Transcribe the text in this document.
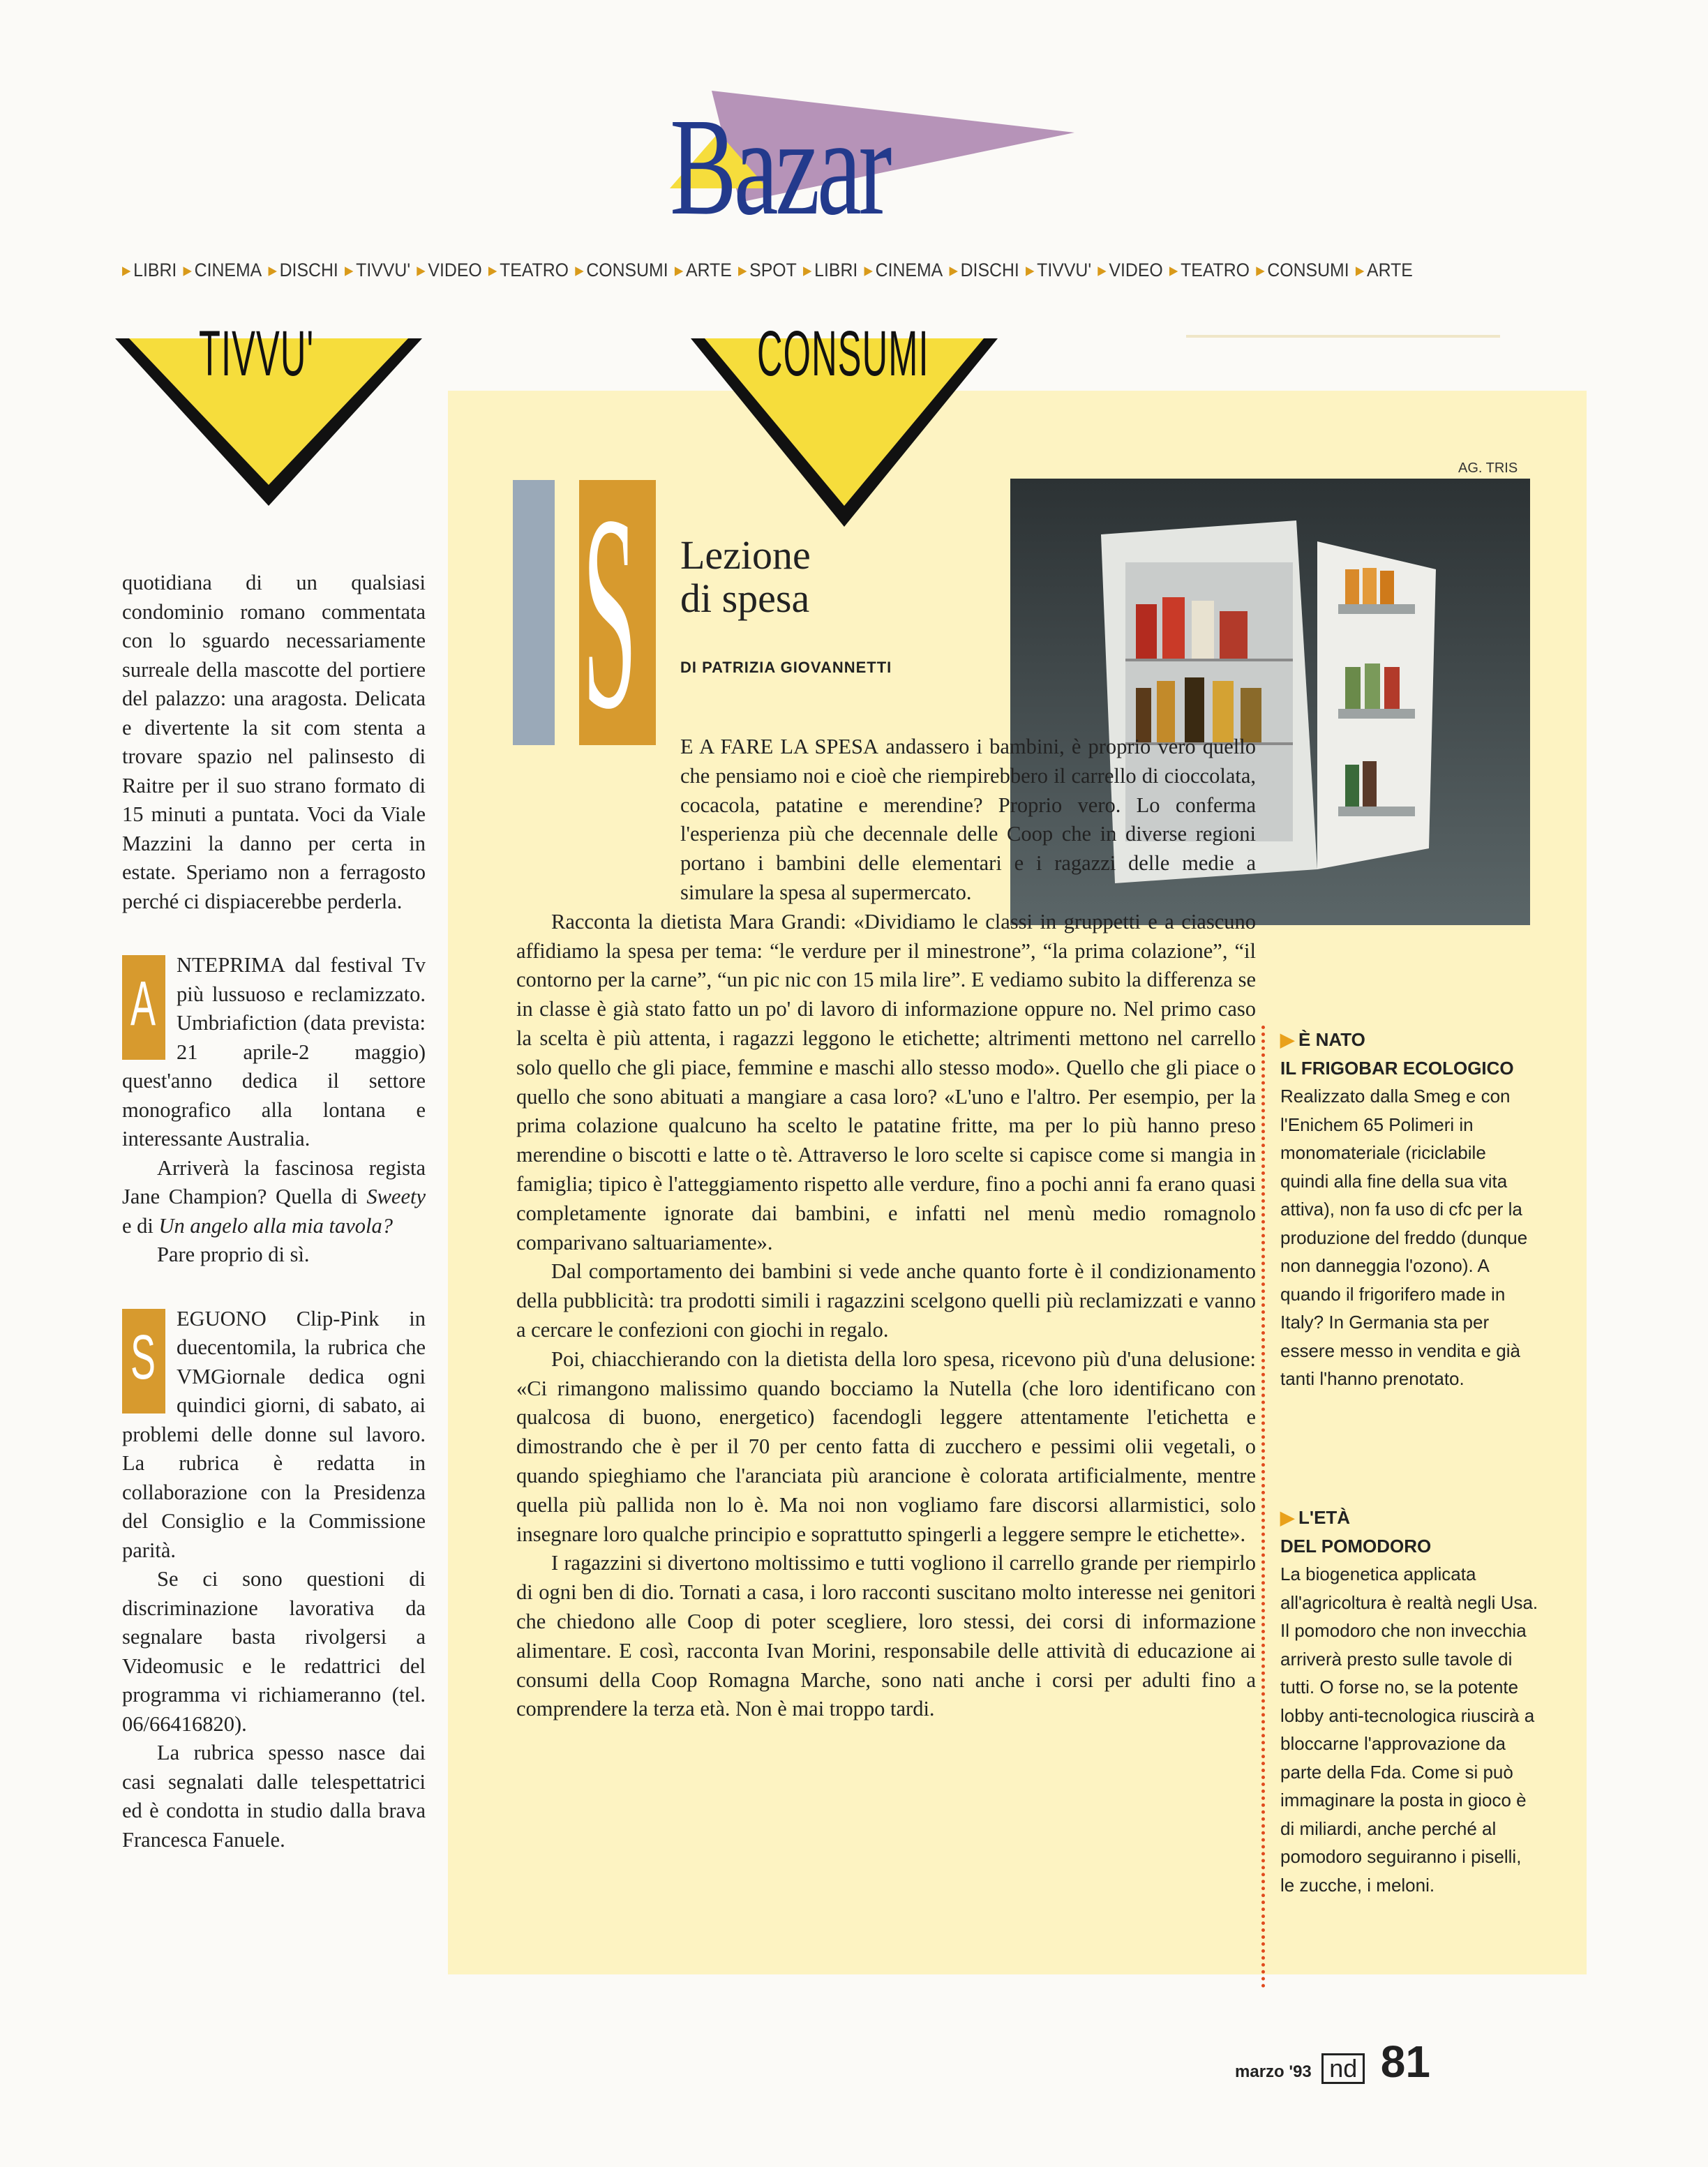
Bazar
▸ LIBRI ▸ CINEMA ▸ DISCHI ▸ TIVVU' ▸ VIDEO ▸ TEATRO ▸ CONSUMI ▸ ARTE ▸ SPOT ▸ LIBRI ▸ CINEMA ▸ DISCHI ▸ TIVVU' ▸ VIDEO ▸ TEATRO ▸ CONSUMI ▸ ARTE
TIVVU'	CONSUMI

quotidiana di un qualsiasi condominio romano commentata con lo sguardo necessariamente surreale della mascotte del portiere del palazzo: una aragosta. Delicata e divertente la sit com stenta a trovare spazio nel palinsesto di Raitre per il suo strano formato di 15 minuti a puntata. Voci da Viale Mazzini la danno per certa in estate. Speriamo non a ferragosto perché ci dispiacerebbe perderla.

A
NTEPRIMA dal festival Tv più lussuoso e reclamizzato. Umbriafiction (data prevista: 21 aprile-2 maggio) quest'anno dedica il settore monografico alla lontana e interessante Australia.

Arriverà la fascinosa regista Jane Champion? Quella di Sweety e di Un angelo alla mia tavola?

Pare proprio di sì.

S
EGUONO Clip-Pink in duecentomila, la rubrica che VMGiornale dedica ogni quindici giorni, di sabato, ai problemi delle donne sul lavoro. La rubrica è redatta in collaborazione con la Presidenza del Consiglio e la Commissione parità.

Se ci sono questioni di discriminazione lavorativa da segnalare basta rivolgersi a Videomusic e le redattrici del programma vi richiameranno (tel. 06/66416820).

La rubrica spesso nasce dai casi segnalati dalle telespettatrici ed è condotta in studio dalla brava Francesca Fanuele.

S Lezione
di spesa
DI PATRIZIA GIOVANNETTI
AG. TRIS

E A FARE LA SPESA andassero i bambini, è proprio vero quello che pensiamo noi e cioè che riempirebbero il carrello di cioccolata, cocacola, patatine e merendine? Proprio vero. Lo conferma l'esperienza più che decennale delle Coop che in diverse regioni portano i bambini delle elementari e i ragazzi delle medie a simulare la spesa al supermercato.

Racconta la dietista Mara Grandi: «Dividiamo le classi in gruppetti e a ciascuno affidiamo la spesa per tema: “le verdure per il minestrone”, “la prima colazione”, “il contorno per la carne”, “un pic nic con 15 mila lire”. E vediamo subito la differenza se in classe è già stato fatto un po' di lavoro di informazione oppure no. Nel primo caso la scelta è più attenta, i ragazzi leggono le etichette; altrimenti mettono nel carrello solo quello che gli piace, femmine e maschi allo stesso modo». Quello che gli piace o quello che sono abituati a mangiare a casa loro? «L'uno e l'altro. Per esempio, per la prima colazione qualcuno ha scelto le patatine fritte, ma per lo più hanno preso merendine o biscotti e latte o tè. Attraverso le loro scelte si capisce come si mangia in famiglia; tipico è l'atteggiamento rispetto alle verdure, fino a pochi anni fa erano quasi completamente ignorate dai bambini, e infatti nel menù medio romagnolo comparivano saltuariamente».

Dal comportamento dei bambini si vede anche quanto forte è il condizionamento della pubblicità: tra prodotti simili i ragazzini scelgono quelli più reclamizzati e vanno a cercare le confezioni con giochi in regalo.

Poi, chiacchierando con la dietista della loro spesa, ricevono più d'una delusione: «Ci rimangono malissimo quando bocciamo la Nutella (che loro identificano con qualcosa di buono, energetico) facendogli leggere attentamente l'etichetta e dimostrando che è per il 70 per cento fatta di zucchero e pessimi olii vegetali, o quando spieghiamo che l'aranciata più arancione è colorata artificialmente, mentre quella più pallida non lo è. Ma noi non vogliamo fare discorsi allarmistici, solo insegnare loro qualche principio e soprattutto spingerli a leggere sempre le etichette».

I ragazzini si divertono moltissimo e tutti vogliono il carrello grande per riempirlo di ogni ben di dio. Tornati a casa, i loro racconti suscitano molto interesse nei genitori che chiedono alle Coop di poter scegliere, loro stessi, dei corsi di informazione alimentare. E così, racconta Ivan Morini, responsabile delle attività di educazione ai consumi della Coop Romagna Marche, sono nati anche i corsi per adulti fino a comprendere la terza età. Non è mai troppo tardi.

▶ È NATO
IL FRIGOBAR ECOLOGICO
Realizzato dalla Smeg e con l'Enichem 65 Polimeri in monomateriale (riciclabile quindi alla fine della sua vita attiva), non fa uso di cfc per la produzione del freddo (dunque non danneggia l'ozono). A quando il frigorifero made in Italy? In Germania sta per essere messo in vendita e già tanti l'hanno prenotato.
▶ L'ETÀ
DEL POMODORO
La biogenetica applicata all'agricoltura è realtà negli Usa. Il pomodoro che non invecchia arriverà presto sulle tavole di tutti. O forse no, se la potente lobby anti-tecnologica riuscirà a bloccarne l'approvazione da parte della Fda. Come si può immaginare la posta in gioco è di miliardi, anche perché al pomodoro seguiranno i piselli, le zucche, i meloni.
marzo '93 nd 81
